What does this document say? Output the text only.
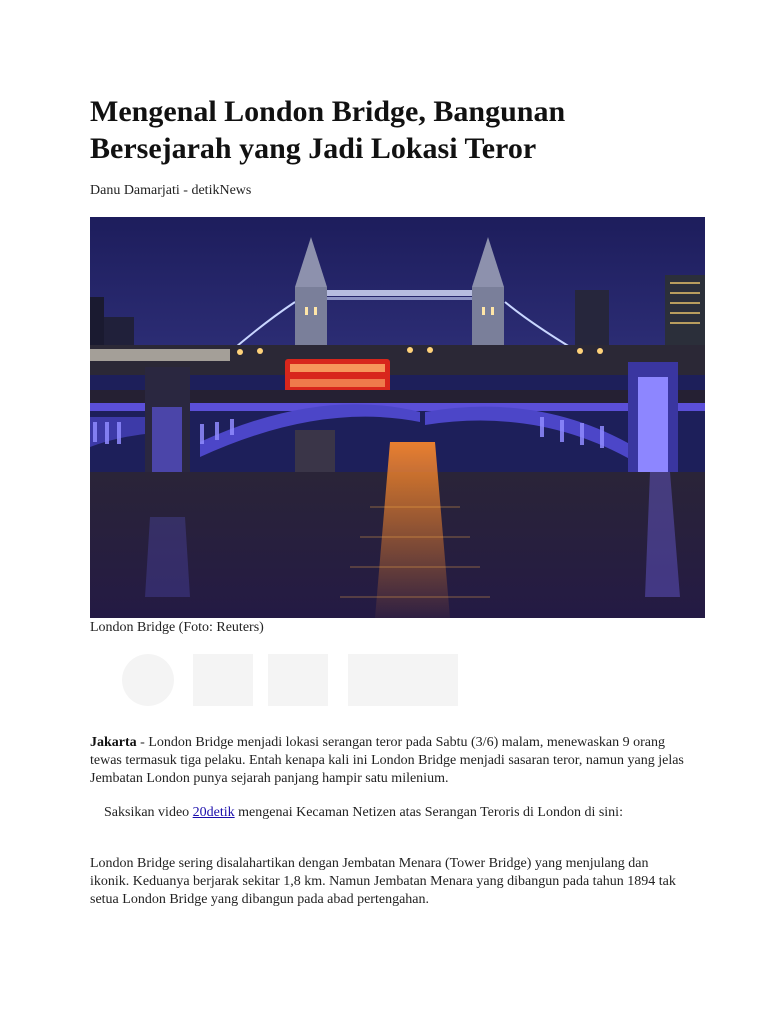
Mengenal London Bridge, Bangunan Bersejarah yang Jadi Lokasi Teror
Danu Damarjati - detikNews
London Bridge (Foto: Reuters)

Jakarta - London Bridge menjadi lokasi serangan teror pada Sabtu (3/6) malam, menewaskan 9 orang tewas termasuk tiga pelaku. Entah kenapa kali ini London Bridge menjadi sasaran teror, namun yang jelas Jembatan London punya sejarah panjang hampir satu milenium.

Saksikan video 20detik mengenai Kecaman Netizen atas Serangan Teroris di London di sini:

London Bridge sering disalahartikan dengan Jembatan Menara (Tower Bridge) yang menjulang dan ikonik. Keduanya berjarak sekitar 1,8 km. Namun Jembatan Menara yang dibangun pada tahun 1894 tak setua London Bridge yang dibangun pada abad pertengahan.
